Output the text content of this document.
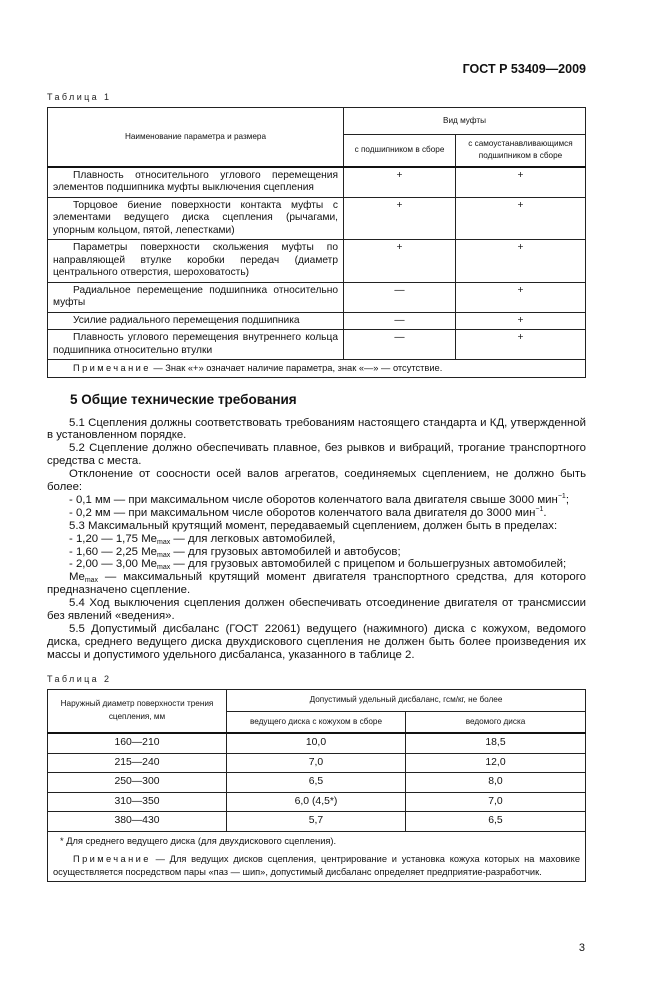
ГОСТ Р 53409—2009
Таблица 1
Наименование параметра и размера	Вид муфты	
	с подшипником в сборе	с самоустанавливающимся подшипником в сборе
Плавность относительного углового перемещения элементов подшипника муфты выключения сцепления	+	+
Торцовое биение поверхности контакта муфты с элементами ведущего диска сцепления (рычагами, упорным кольцом, пятой, лепестками)	+	+
Параметры поверхности скольжения муфты по направляющей втулке коробки передач (диаметр центрального отверстия, шероховатость)	+	+
Радиальное перемещение подшипника относительно муфты	—	+
Усилие радиального перемещения подшипника	—	+
Плавность углового перемещения внутреннего кольца подшипника относительно втулки	—	+
Примечание — Знак «+» означает наличие параметра, знак «—» — отсутствие.		
5 Общие технические требования

5.1 Сцепления должны соответствовать требованиям настоящего стандарта и КД, утвержденной в установленном порядке.

5.2 Сцепление должно обеспечивать плавное, без рывков и вибраций, трогание транспортного средства с места.

Отклонение от соосности осей валов агрегатов, соединяемых сцеплением, не должно быть более:

- 0,1 мм — при максимальном числе оборотов коленчатого вала двигателя свыше 3000 мин$^{-1}$;

- 0,2 мм — при максимальном числе оборотов коленчатого вала двигателя до 3000 мин$^{-1}$.

5.3 Максимальный крутящий момент, передаваемый сцеплением, должен быть в пределах:

- 1,20 — 1,75 $Me_{max}$ — для легковых автомобилей,

- 1,60 — 2,25 $Me_{max}$ — для грузовых автомобилей и автобусов;

- 2,00 — 3,00 $Me_{max}$ — для грузовых автомобилей с прицепом и большегрузных автомобилей;

$Me_{max}$ — максимальный крутящий момент двигателя транспортного средства, для которого предназначено сцепление.

5.4 Ход выключения сцепления должен обеспечивать отсоединение двигателя от трансмиссии без явлений «ведения».

5.5 Допустимый дисбаланс (ГОСТ 22061) ведущего (нажимного) диска с кожухом, ведомого диска, среднего ведущего диска двухдискового сцепления не должен быть более произведения их массы и допустимого удельного дисбаланса, указанного в таблице 2.

Таблица 2
Наружный диаметр поверхности трения сцепления, мм	Допустимый удельный дисбаланс, гсм/кг, не более	
	ведущего диска с кожухом в сборе	ведомого диска
160—210	10,0	18,5
215—240	7,0	12,0
250—300	6,5	8,0
310—350	6,0 (4,5*)	7,0
380—430	5,7	6,5
* Для среднего ведущего диска (для двухдискового сцепления).		
Примечание — Для ведущих дисков сцепления, центрирование и установка кожуха которых на маховике осуществляется посредством пары «паз — шип», допустимый дисбаланс определяет предприятие-разработчик.		
3
